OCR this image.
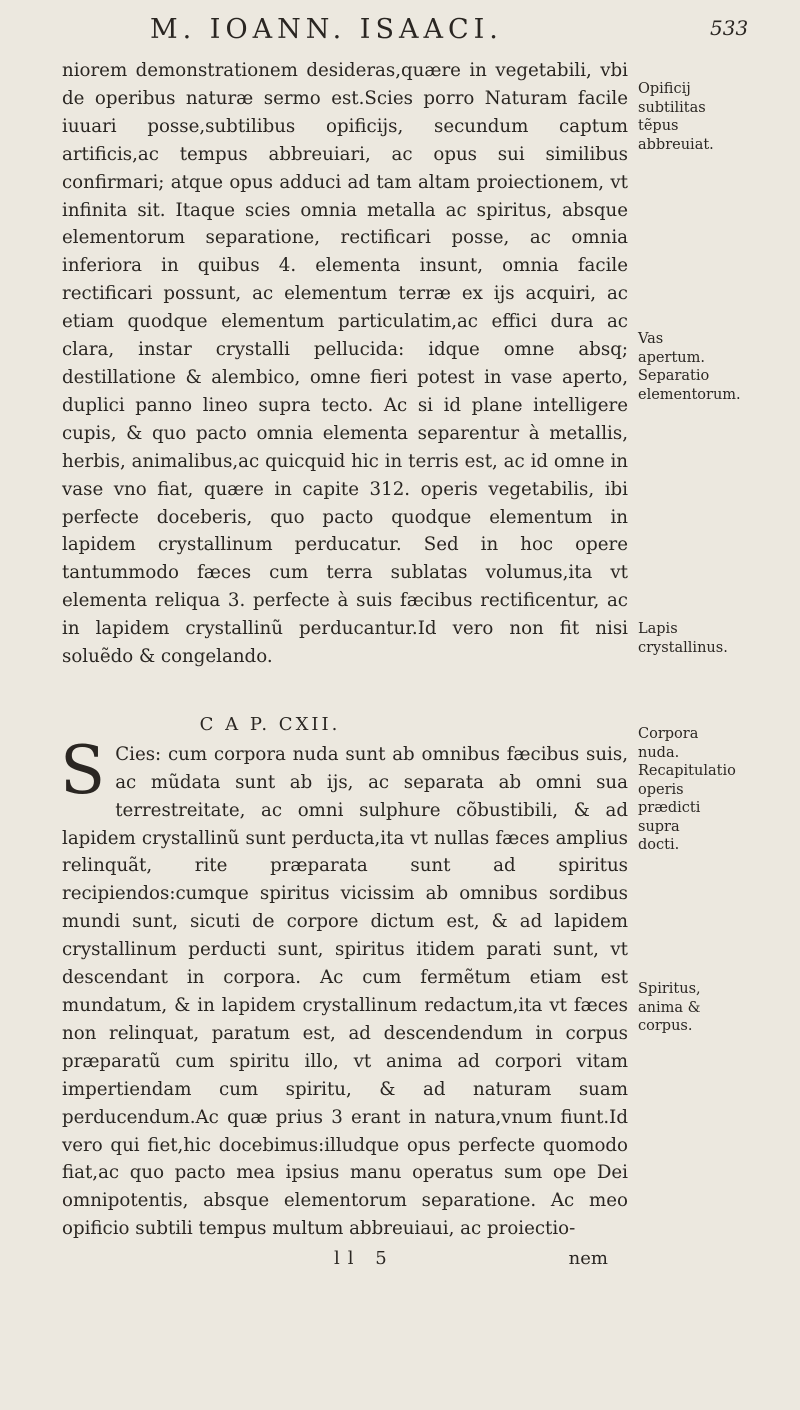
M. IOANN. ISAACI.	533

niorem demonstrationem desideras,quære in vegetabili, vbi de operibus naturæ sermo est.Scies porro Naturam facile iuuari posse,subtilibus opificijs, secundum captum artificis,ac tempus abbreuiari, ac opus sui similibus confirmari; atque opus adduci ad tam altam proiectionem, vt infinita sit. Itaque scies omnia metalla ac spiritus, absque elementorum separatione, rectificari posse, ac omnia inferiora in quibus 4. elementa insunt, omnia facile rectificari possunt, ac elementum terræ ex ijs acquiri, ac etiam quodque elementum particulatim,ac effici dura ac clara, instar crystalli pellucida: idque omne absq; destillatione & alembico, omne fieri potest in vase aperto, duplici panno lineo supra tecto. Ac si id plane intelligere cupis, & quo pacto omnia elementa separentur à metallis, herbis, animalibus,ac quicquid hic in terris est, ac id omne in vase vno fiat, quære in capite 312. operis vegetabilis, ibi perfecte doceberis, quo pacto quodque elementum in lapidem crystallinum perducatur. Sed in hoc opere tantummodo fæces cum terra sublatas volumus,ita vt elementa reliqua 3. perfecte à suis fæcibus rectificentur, ac in lapidem crystallinũ perducantur.Id vero non fit nisi soluẽdo & congelando.

C A P. CXII.

S Cies: cum corpora nuda sunt ab omnibus fæcibus suis, ac mũdata sunt ab ijs, ac separata ab omni sua terrestreitate, ac omni sulphure cõbustibili, & ad lapidem crystallinũ sunt perducta,ita vt nullas fæces amplius relinquãt, rite præparata sunt ad spiritus recipiendos:cumque spiritus vicissim ab omnibus sordibus mundi sunt, sicuti de corpore dictum est, & ad lapidem crystallinum perducti sunt, spiritus itidem parati sunt, vt descendant in corpora. Ac cum fermẽtum etiam est mundatum, & in lapidem crystallinum redactum,ita vt fæces non relinquat, paratum est, ad descendendum in corpus præparatũ cum spiritu illo, vt anima ad corpori vitam impertiendam cum spiritu, & ad naturam suam perducendum.Ac quæ prius 3 erant in natura,vnum fiunt.Id vero qui fiet,hic docebimus:illudque opus perfecte quomodo fiat,ac quo pacto mea ipsius manu operatus sum ope Dei omnipotentis, absque elementorum separatione. Ac meo opificio subtili tempus multum abbreuiaui, ac proiectio-

ll 5	nem
Opificij subtilitas tẽpus abbreuiat.
Vas apertum. Separatio elementorum.
Lapis crystallinus.
Corpora nuda. Recapitulatio operis prædicti supra docti.
Spiritus, anima & corpus.
